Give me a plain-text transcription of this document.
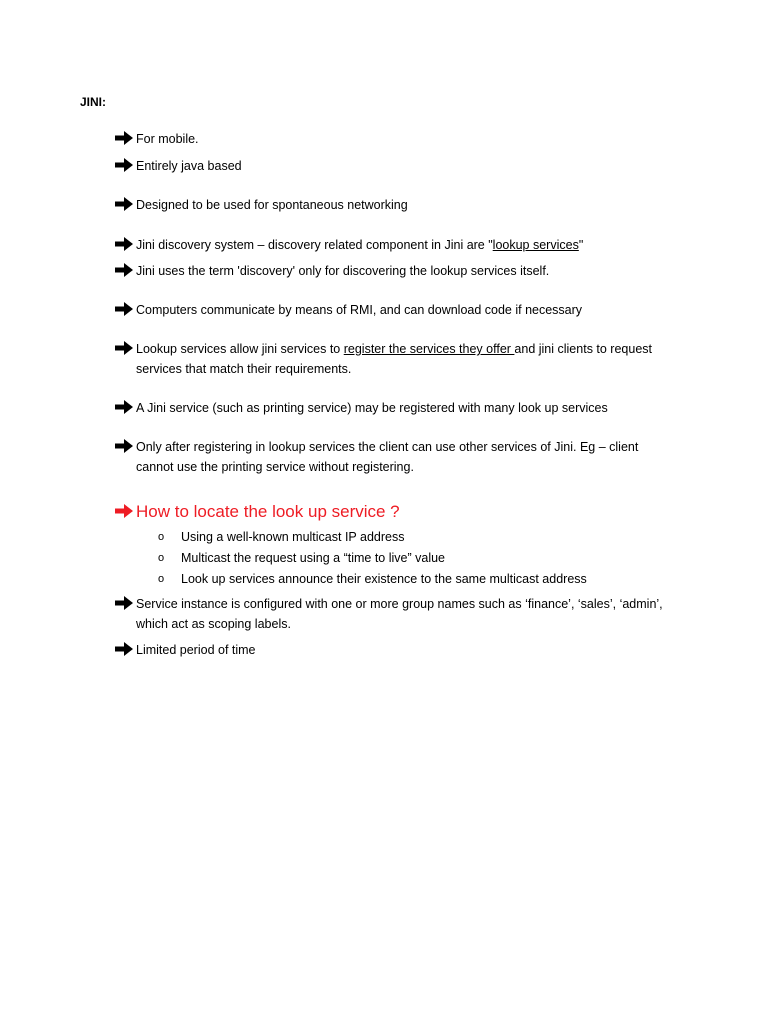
JINI:
For mobile.
Entirely java based
Designed to be used for spontaneous networking
Jini discovery system – discovery related component in Jini are "lookup services"
Jini uses the term 'discovery' only for discovering the lookup services itself.
Computers communicate by means of RMI, and can download code if necessary
Lookup services allow jini services to register the services they offer and jini clients to request
services that match their requirements.
A Jini service (such as printing service) may be registered with many look up services
Only after registering in lookup services the client can use other services of Jini. Eg – client
cannot use the printing service without registering.
How to locate the look up service ?
o Using a well-known multicast IP address
o Multicast the request using a “time to live” value
o Look up services announce their existence to the same multicast address
Service instance is configured with one or more group names such as ‘finance’, ‘sales’, ‘admin’,
which act as scoping labels.
Limited period of time
